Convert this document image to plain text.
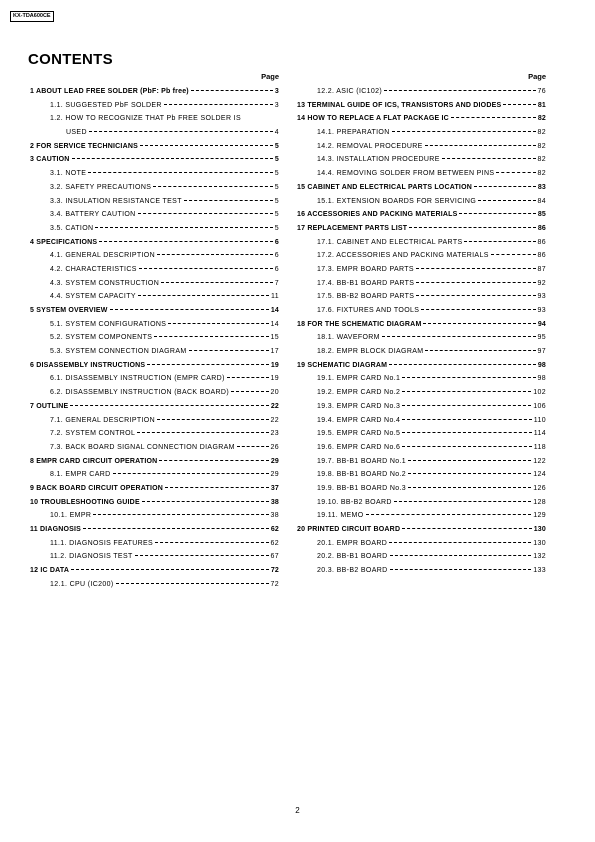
KX-TDA600CE
CONTENTS
Page
1 ABOUT LEAD FREE SOLDER (PbF: Pb free)	3
1.1. SUGGESTED PbF SOLDER	3
1.2. HOW TO RECOGNIZE THAT Pb FREE SOLDER IS
USED	4
2 FOR SERVICE TECHNICIANS	5
3 CAUTION	5
3.1. NOTE	5
3.2. SAFETY PRECAUTIONS	5
3.3. INSULATION RESISTANCE TEST	5
3.4. BATTERY CAUTION	5
3.5. CATION	5
4 SPECIFICATIONS	6
4.1. GENERAL DESCRIPTION	6
4.2. CHARACTERISTICS	6
4.3. SYSTEM CONSTRUCTION	7
4.4. SYSTEM CAPACITY	11
5 SYSTEM OVERVIEW	14
5.1. SYSTEM CONFIGURATIONS	14
5.2. SYSTEM COMPONENTS	15
5.3. SYSTEM CONNECTION DIAGRAM	17
6 DISASSEMBLY INSTRUCTIONS	19
6.1. DISASSEMBLY INSTRUCTION (EMPR CARD)	19
6.2. DISASSEMBLY INSTRUCTION (BACK BOARD)	20
7 OUTLINE	22
7.1. GENERAL DESCRIPTION	22
7.2. SYSTEM CONTROL	23
7.3. BACK BOARD SIGNAL CONNECTION DIAGRAM	26
8 EMPR CARD CIRCUIT OPERATION	29
8.1. EMPR CARD	29
9 BACK BOARD CIRCUIT OPERATION	37
10 TROUBLESHOOTING GUIDE	38
10.1. EMPR	38
11 DIAGNOSIS	62
11.1. DIAGNOSIS FEATURES	62
11.2. DIAGNOSIS TEST	67
12 IC DATA	72
12.1. CPU (IC200)	72
Page
12.2. ASIC (IC102)	76
13 TERMINAL GUIDE OF ICS, TRANSISTORS AND DIODES	81
14 HOW TO REPLACE A FLAT PACKAGE IC	82
14.1. PREPARATION	82
14.2. REMOVAL PROCEDURE	82
14.3. INSTALLATION PROCEDURE	82
14.4. REMOVING SOLDER FROM BETWEEN PINS	82
15 CABINET AND ELECTRICAL PARTS LOCATION	83
15.1. EXTENSION BOARDS FOR SERVICING	84
16 ACCESSORIES AND PACKING MATERIALS	85
17 REPLACEMENT PARTS LIST	86
17.1. CABINET AND ELECTRICAL PARTS	86
17.2. ACCESSORIES AND PACKING MATERIALS	86
17.3. EMPR BOARD PARTS	87
17.4. BB-B1 BOARD PARTS	92
17.5. BB-B2 BOARD PARTS	93
17.6. FIXTURES AND TOOLS	93
18 FOR THE SCHEMATIC DIAGRAM	94
18.1. WAVEFORM	95
18.2. EMPR BLOCK DIAGRAM	97
19 SCHEMATIC DIAGRAM	98
19.1. EMPR CARD No.1	98
19.2. EMPR CARD No.2	102
19.3. EMPR CARD No.3	106
19.4. EMPR CARD No.4	110
19.5. EMPR CARD No.5	114
19.6. EMPR CARD No.6	118
19.7. BB-B1 BOARD No.1	122
19.8. BB-B1 BOARD No.2	124
19.9. BB-B1 BOARD No.3	126
19.10. BB-B2 BOARD	128
19.11. MEMO	129
20 PRINTED CIRCUIT BOARD	130
20.1. EMPR BOARD	130
20.2. BB-B1 BOARD	132
20.3. BB-B2 BOARD	133
2
